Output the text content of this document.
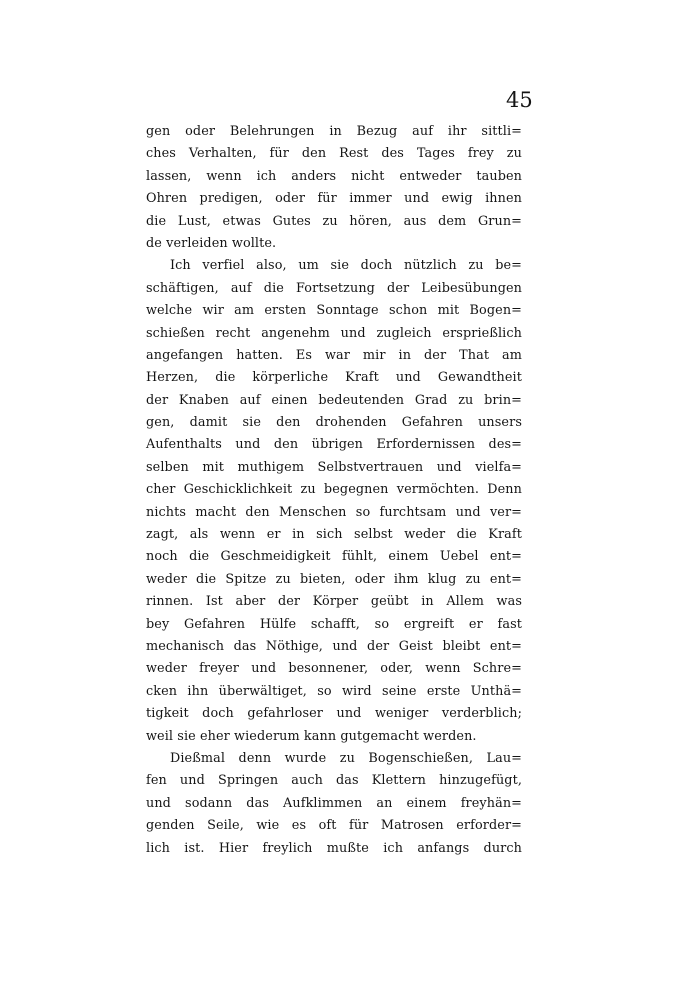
45
gen oder Belehrungen in Bezug auf ihr sittli=
ches Verhalten, für den Rest des Tages frey zu
lassen, wenn ich anders nicht entweder tauben
Ohren predigen, oder für immer und ewig ihnen
die Lust, etwas Gutes zu hören, aus dem Grun=
de verleiden wollte.
Ich verfiel also, um sie doch nützlich zu be=
schäftigen, auf die Fortsetzung der Leibesübungen
welche wir am ersten Sonntage schon mit Bogen=
schießen recht angenehm und zugleich ersprießlich
angefangen hatten. Es war mir in der That am
Herzen, die körperliche Kraft und Gewandtheit
der Knaben auf einen bedeutenden Grad zu brin=
gen, damit sie den drohenden Gefahren unsers
Aufenthalts und den übrigen Erfordernissen des=
selben mit muthigem Selbstvertrauen und vielfa=
cher Geschicklichkeit zu begegnen vermöchten. Denn
nichts macht den Menschen so furchtsam und ver=
zagt, als wenn er in sich selbst weder die Kraft
noch die Geschmeidigkeit fühlt, einem Uebel ent=
weder die Spitze zu bieten, oder ihm klug zu ent=
rinnen. Ist aber der Körper geübt in Allem was
bey Gefahren Hülfe schafft, so ergreift er fast
mechanisch das Nöthige, und der Geist bleibt ent=
weder freyer und besonnener, oder, wenn Schre=
cken ihn überwältiget, so wird seine erste Unthä=
tigkeit doch gefahrloser und weniger verderblich;
weil sie eher wiederum kann gutgemacht werden.
Dießmal denn wurde zu Bogenschießen, Lau=
fen und Springen auch das Klettern hinzugefügt,
und sodann das Aufklimmen an einem freyhän=
genden Seile, wie es oft für Matrosen erforder=
lich ist. Hier freylich mußte ich anfangs durch
